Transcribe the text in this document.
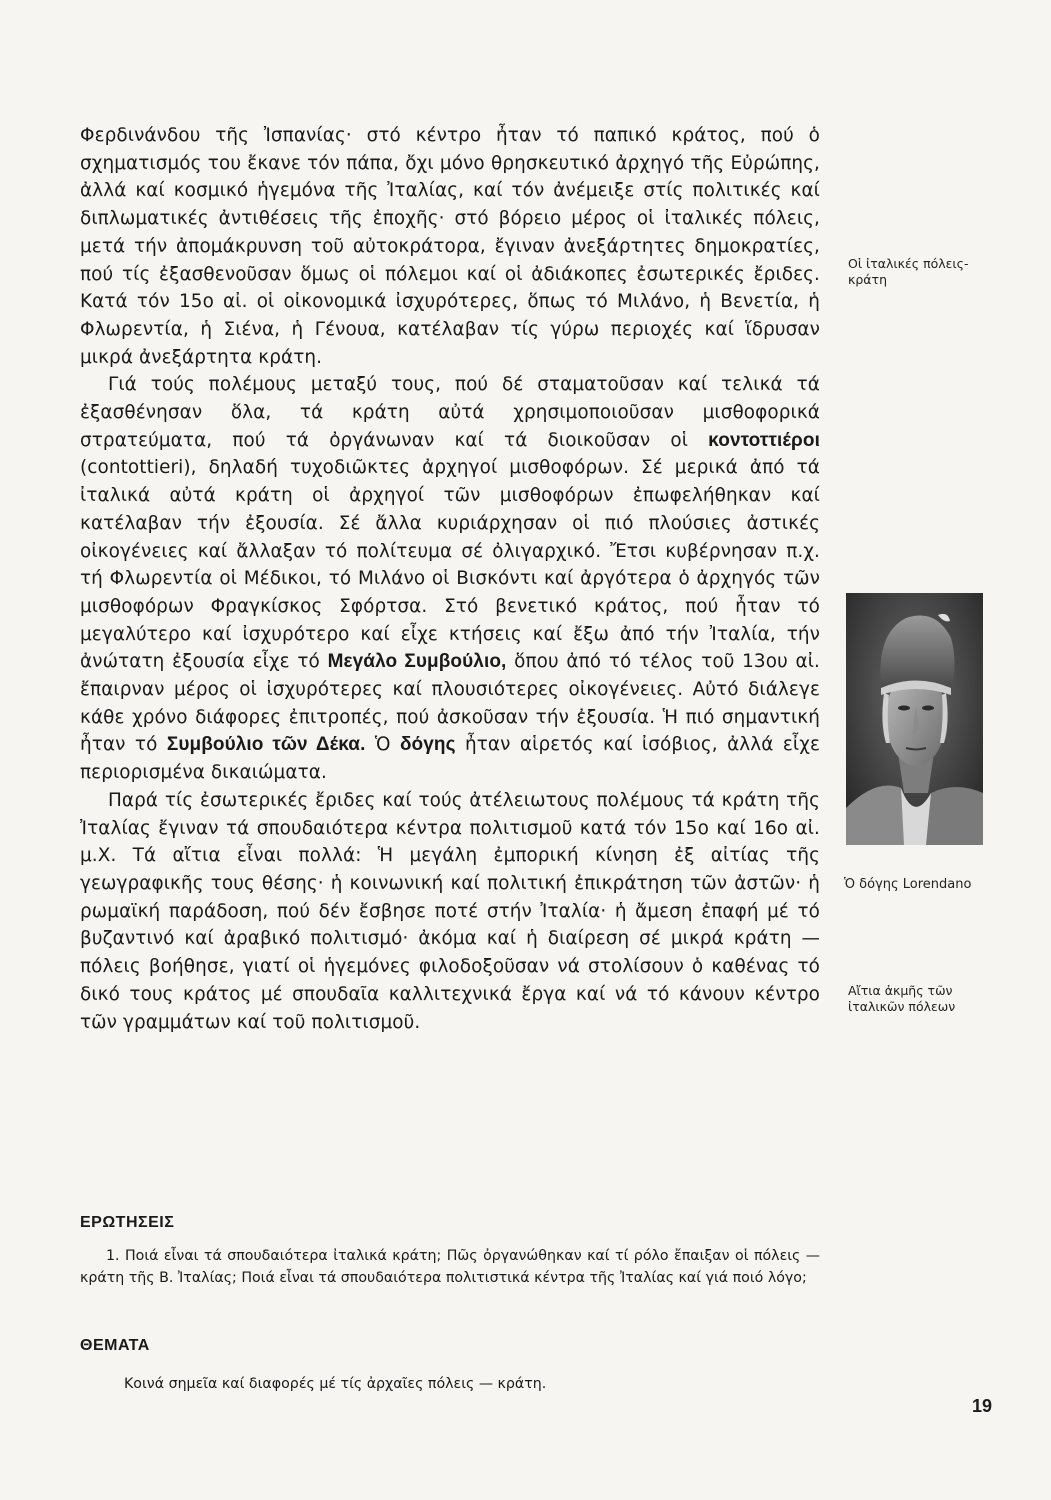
Φερδινάνδου τῆς Ἰσπανίας· στό κέντρο ἦταν τό παπικό κράτος, πού ὁ σχηματισμός του ἔκανε τόν πάπα, ὄχι μόνο θρησκευτικό ἀρχηγό τῆς Εὐρώπης, ἀλλά καί κοσμικό ἡγεμόνα τῆς Ἰταλίας, καί τόν ἀνέμειξε στίς πολιτικές καί διπλωματικές ἀντιθέσεις τῆς ἐποχῆς· στό βόρειο μέρος οἱ ἰταλικές πόλεις, μετά τήν ἀπομάκρυνση τοῦ αὐτοκράτορα, ἔγιναν ἀνεξάρτητες δημοκρατίες, πού τίς ἐξασθενοῦσαν ὅμως οἱ πόλεμοι καί οἱ ἀδιάκοπες ἐσωτερικές ἔριδες. Κατά τόν 15ο αἰ. οἱ οἰκονομικά ἰσχυρότερες, ὅπως τό Μιλάνο, ἡ Βενετία, ἡ Φλωρεντία, ἡ Σιένα, ἡ Γένουα, κατέλαβαν τίς γύρω περιοχές καί ἵδρυσαν μικρά ἀνεξάρτητα κράτη.

Γιά τούς πολέμους μεταξύ τους, πού δέ σταματοῦσαν καί τελικά τά ἐξασθένησαν ὅλα, τά κράτη αὐτά χρησιμοποιοῦσαν μισθοφορικά στρατεύματα, πού τά ὀργάνωναν καί τά διοικοῦσαν οἱ κοντοττιέροι (contottieri), δηλαδή τυχοδιῶκτες ἀρχηγοί μισθοφόρων. Σέ μερικά ἀπό τά ἰταλικά αὐτά κράτη οἱ ἀρχηγοί τῶν μισθοφόρων ἐπωφελήθηκαν καί κατέλαβαν τήν ἐξουσία. Σέ ἄλλα κυριάρχησαν οἱ πιό πλούσιες ἀστικές οἰκογένειες καί ἄλλαξαν τό πολίτευμα σέ ὀλιγαρχικό. Ἔτσι κυβέρνησαν π.χ. τή Φλωρεντία οἱ Μέδικοι, τό Μιλάνο οἱ Βισκόντι καί ἀργότερα ὁ ἀρχηγός τῶν μισθοφόρων Φραγκίσκος Σφόρτσα. Στό βενετικό κράτος, πού ἦταν τό μεγαλύτερο καί ἰσχυρότερο καί εἶχε κτήσεις καί ἔξω ἀπό τήν Ἰταλία, τήν ἀνώτατη ἐξουσία εἶχε τό Μεγάλο Συμβούλιο, ὅπου ἀπό τό τέλος τοῦ 13ου αἰ. ἔπαιρναν μέρος οἱ ἰσχυρότερες καί πλουσιότερες οἰκογένειες. Αὐτό διάλεγε κάθε χρόνο διάφορες ἐπιτροπές, πού ἀσκοῦσαν τήν ἐξουσία. Ἡ πιό σημαντική ἦταν τό Συμβούλιο τῶν Δέκα. Ὁ δόγης ἦταν αἱρετός καί ἰσόβιος, ἀλλά εἶχε περιορισμένα δικαιώματα.

Παρά τίς ἐσωτερικές ἔριδες καί τούς ἀτέλειωτους πολέμους τά κράτη τῆς Ἰταλίας ἔγιναν τά σπουδαιότερα κέντρα πολιτισμοῦ κατά τόν 15ο καί 16ο αἰ. μ.Χ. Τά αἴτια εἶναι πολλά: Ἡ μεγάλη ἐμπορική κίνηση ἐξ αἰτίας τῆς γεωγραφικῆς τους θέσης· ἡ κοινωνική καί πολιτική ἐπικράτηση τῶν ἀστῶν· ἡ ρωμαϊκή παράδοση, πού δέν ἔσβησε ποτέ στήν Ἰταλία· ἡ ἄμεση ἐπαφή μέ τό βυζαντινό καί ἀραβικό πολιτισμό· ἀκόμα καί ἡ διαίρεση σέ μικρά κράτη — πόλεις βοήθησε, γιατί οἱ ἡγεμόνες φιλοδοξοῦσαν νά στολίσουν ὁ καθένας τό δικό τους κράτος μέ σπουδαῖα καλλιτεχνικά ἔργα καί νά τό κάνουν κέντρο τῶν γραμμάτων καί τοῦ πολιτισμοῦ.

Οἱ ἰταλικές πόλεις-
κράτη
Ὁ δόγης Lorendano
Αἴτια ἀκμῆς τῶν
ἰταλικῶν πόλεων
ΕΡΩΤΗΣΕΙΣ
1. Ποιά εἶναι τά σπουδαιότερα ἰταλικά κράτη; Πῶς ὀργανώθηκαν καί τί ρόλο ἔπαιξαν οἱ πόλεις — κράτη τῆς Β. Ἰταλίας; Ποιά εἶναι τά σπουδαιότερα πολιτιστικά κέντρα τῆς Ἰταλίας καί γιά ποιό λόγο;
ΘΕΜΑΤΑ
Κοινά σημεῖα καί διαφορές μέ τίς ἀρχαῖες πόλεις — κράτη.
19
